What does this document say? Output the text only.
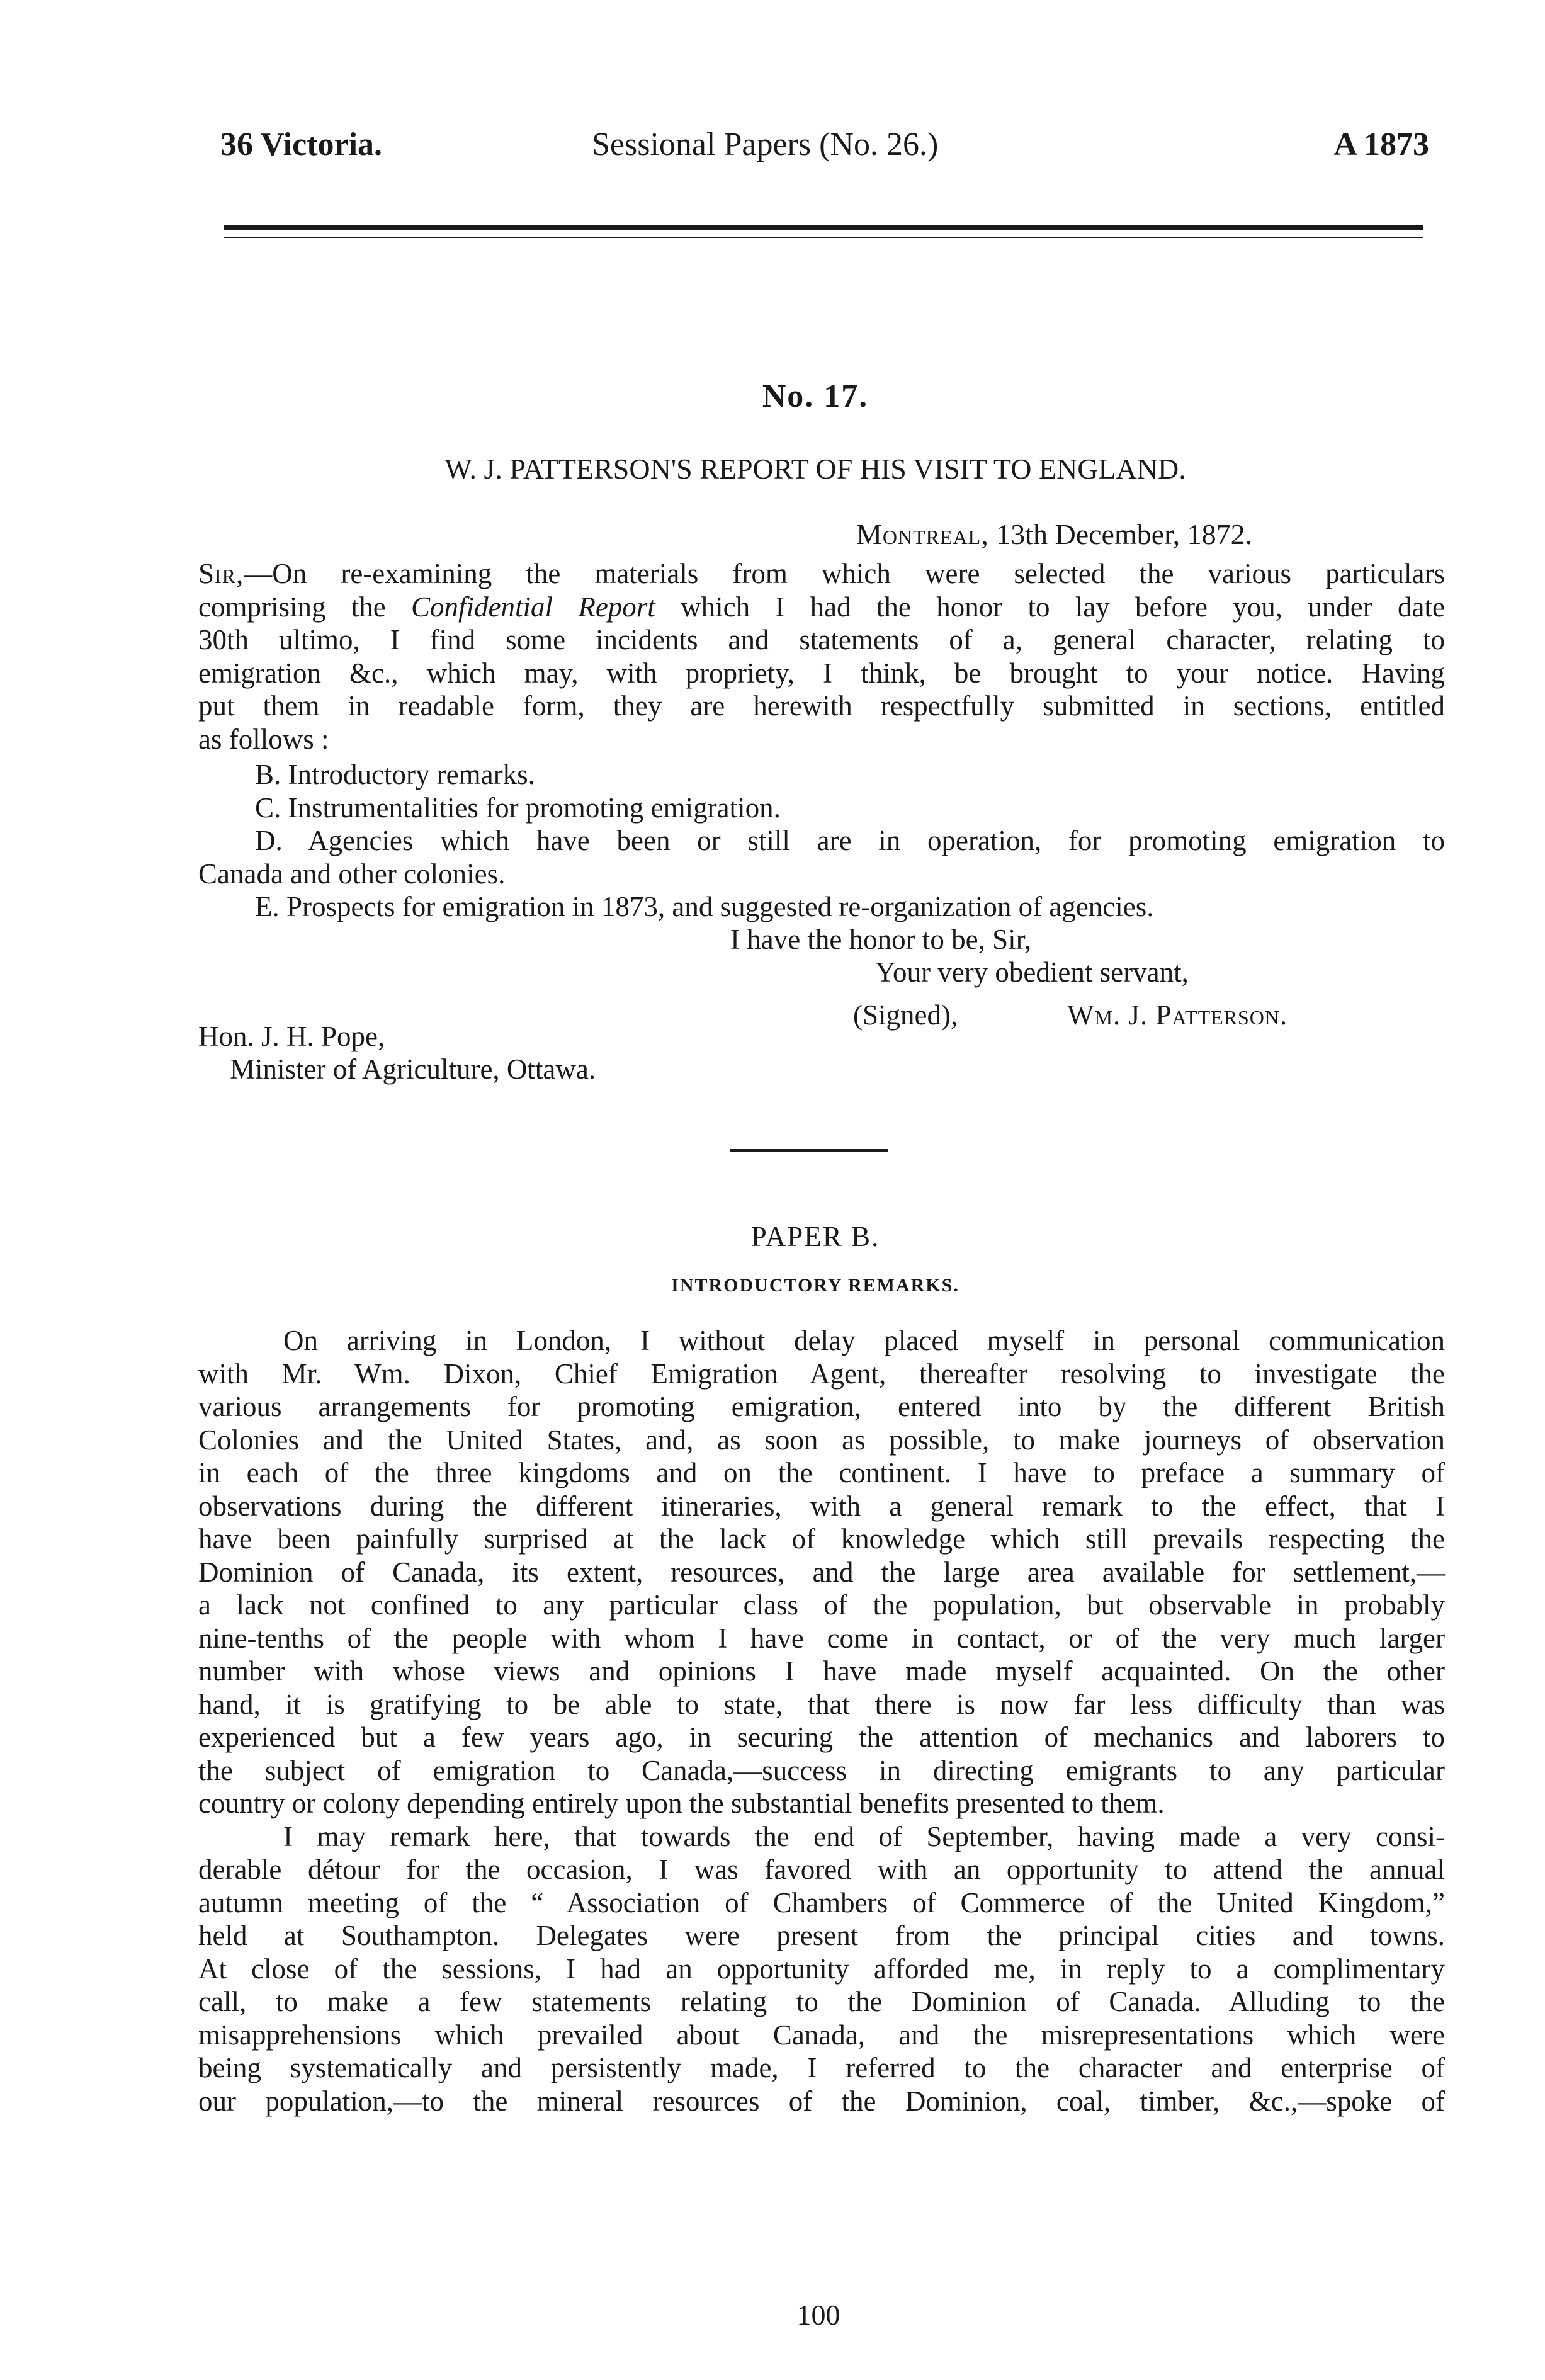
36 Victoria.	Sessional Papers (No. 26.)	A 1873
No. 17.
W. J. PATTERSON'S REPORT OF HIS VISIT TO ENGLAND.
Montreal, 13th December, 1872.
Sir,—On re-examining the materials from which were selected the various particulars
comprising the Confidential Report which I had the honor to lay before you, under date
30th ultimo, I find some incidents and statements of a, general character, relating to
emigration &c., which may, with propriety, I think, be brought to your notice. Having
put them in readable form, they are herewith respectfully submitted in sections, entitled
as follows :
B. Introductory remarks.
C. Instrumentalities for promoting emigration.
D. Agencies which have been or still are in operation, for promoting emigration to
Canada and other colonies.
E. Prospects for emigration in 1873, and suggested re-organization of agencies.
I have the honor to be, Sir,
Your very obedient servant,
(Signed),	Wm. J. Patterson.
Hon. J. H. Pope,
Minister of Agriculture, Ottawa.
PAPER B.
INTRODUCTORY REMARKS.
On arriving in London, I without delay placed myself in personal communication
with Mr. Wm. Dixon, Chief Emigration Agent, thereafter resolving to investigate the
various arrangements for promoting emigration, entered into by the different British
Colonies and the United States, and, as soon as possible, to make journeys of observation
in each of the three kingdoms and on the continent. I have to preface a summary of
observations during the different itineraries, with a general remark to the effect, that I
have been painfully surprised at the lack of knowledge which still prevails respecting the
Dominion of Canada, its extent, resources, and the large area available for settlement,—
a lack not confined to any particular class of the population, but observable in probably
nine-tenths of the people with whom I have come in contact, or of the very much larger
number with whose views and opinions I have made myself acquainted. On the other
hand, it is gratifying to be able to state, that there is now far less difficulty than was
experienced but a few years ago, in securing the attention of mechanics and laborers to
the subject of emigration to Canada,—success in directing emigrants to any particular
country or colony depending entirely upon the substantial benefits presented to them.
I may remark here, that towards the end of September, having made a very consi-
derable détour for the occasion, I was favored with an opportunity to attend the annual
autumn meeting of the “ Association of Chambers of Commerce of the United Kingdom,”
held at Southampton. Delegates were present from the principal cities and towns.
At close of the sessions, I had an opportunity afforded me, in reply to a complimentary
call, to make a few statements relating to the Dominion of Canada. Alluding to the
misapprehensions which prevailed about Canada, and the misrepresentations which were
being systematically and persistently made, I referred to the character and enterprise of
our population,—to the mineral resources of the Dominion, coal, timber, &c.,—spoke of
100
